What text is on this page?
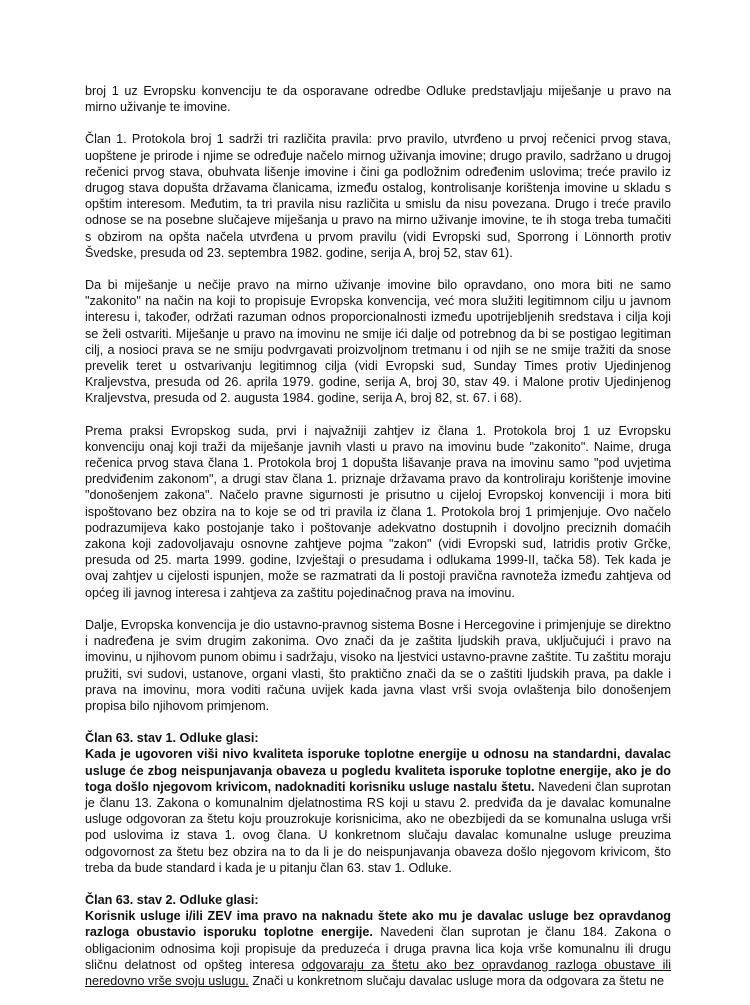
broj 1 uz Evropsku konvenciju te da osporavane odredbe Odluke predstavljaju miješanje u pravo na mirno uživanje te imovine.

Član 1. Protokola broj 1 sadrži tri različita pravila: prvo pravilo, utvrđeno u prvoj rečenici prvog stava, uopštene je prirode i njime se određuje načelo mirnog uživanja imovine; drugo pravilo, sadržano u drugoj rečenici prvog stava, obuhvata lišenje imovine i čini ga podložnim određenim uslovima; treće pravilo iz drugog stava dopušta državama članicama, između ostalog, kontrolisanje korištenja imovine u skladu s opštim interesom. Međutim, ta tri pravila nisu različita u smislu da nisu povezana. Drugo i treće pravilo odnose se na posebne slučajeve miješanja u pravo na mirno uživanje imovine, te ih stoga treba tumačiti s obzirom na opšta načela utvrđena u prvom pravilu (vidi Evropski sud, Sporrong i Lönnorth protiv Švedske, presuda od 23. septembra 1982. godine, serija A, broj 52, stav 61).

Da bi miješanje u nečije pravo na mirno uživanje imovine bilo opravdano, ono mora biti ne samo "zakonito" na način na koji to propisuje Evropska konvencija, već mora služiti legitimnom cilju u javnom interesu i, također, održati razuman odnos proporcionalnosti između upotrijebljenih sredstava i cilja koji se želi ostvariti. Miješanje u pravo na imovinu ne smije ići dalje od potrebnog da bi se postigao legitiman cilj, a nosioci prava se ne smiju podvrgavati proizvoljnom tretmanu i od njih se ne smije tražiti da snose prevelik teret u ostvarivanju legitimnog cilja (vidi Evropski sud, Sunday Times protiv Ujedinjenog Kraljevstva, presuda od 26. aprila 1979. godine, serija A, broj 30, stav 49. i Malone protiv Ujedinjenog Kraljevstva, presuda od 2. augusta 1984. godine, serija A, broj 82, st. 67. i 68).

Prema praksi Evropskog suda, prvi i najvažniji zahtjev iz člana 1. Protokola broj 1 uz Evropsku konvenciju onaj koji traži da miješanje javnih vlasti u pravo na imovinu bude "zakonito". Naime, druga rečenica prvog stava člana 1. Protokola broj 1 dopušta lišavanje prava na imovinu samo "pod uvjetima predviđenim zakonom", a drugi stav člana 1. priznaje državama pravo da kontroliraju korištenje imovine "donošenjem zakona". Načelo pravne sigurnosti je prisutno u cijeloj Evropskoj konvenciji i mora biti ispoštovano bez obzira na to koje se od tri pravila iz člana 1. Protokola broj 1 primjenjuje. Ovo načelo podrazumijeva kako postojanje tako i poštovanje adekvatno dostupnih i dovoljno preciznih domaćih zakona koji zadovoljavaju osnovne zahtjeve pojma "zakon" (vidi Evropski sud, Iatridis protiv Grčke, presuda od 25. marta 1999. godine, Izvještaji o presudama i odlukama 1999-II, tačka 58). Tek kada je ovaj zahtjev u cijelosti ispunjen, može se razmatrati da li postoji pravična ravnoteža između zahtjeva od općeg ili javnog interesa i zahtjeva za zaštitu pojedinačnog prava na imovinu.

Dalje, Evropska konvencija je dio ustavno-pravnog sistema Bosne i Hercegovine i primjenjuje se direktno i nadređena je svim drugim zakonima. Ovo znači da je zaštita ljudskih prava, uključujući i pravo na imovinu, u njihovom punom obimu i sadržaju, visoko na ljestvici ustavno-pravne zaštite. Tu zaštitu moraju pružiti, svi sudovi, ustanove, organi vlasti, što praktično znači da se o zaštiti ljudskih prava, pa dakle i prava na imovinu, mora voditi računa uvijek kada javna vlast vrši svoja ovlaštenja bilo donošenjem propisa bilo njihovom primjenom.

Član 63. stav 1. Odluke glasi:
Kada je ugovoren viši nivo kvaliteta isporuke toplotne energije u odnosu na standardni, davalac usluge će zbog neispunjavanja obaveza u pogledu kvaliteta isporuke toplotne energije, ako je do toga došlo njegovom krivicom, nadoknaditi korisniku usluge nastalu štetu. Navedeni član suprotan je članu 13. Zakona o komunalnim djelatnostima RS koji u stavu 2. predviđa da je davalac komunalne usluge odgovoran za štetu koju prouzrokuje korisnicima, ako ne obezbijedi da se komunalna usluga vrši pod uslovima iz stava 1. ovog člana. U konkretnom slučaju davalac komunalne usluge preuzima odgovornost za štetu bez obzira na to da li je do neispunjavanja obaveza došlo njegovom krivicom, što treba da bude standard i kada je u pitanju član 63. stav 1. Odluke.

Član 63. stav 2. Odluke glasi:
Korisnik usluge i/ili ZEV ima pravo na naknadu štete ako mu je davalac usluge bez opravdanog razloga obustavio isporuku toplotne energije. Navedeni član suprotan je članu 184. Zakona o obligacionim odnosima koji propisuje da preduzeća i druga pravna lica koja vrše komunalnu ili drugu sličnu delatnost od opšteg interesa odgovaraju za štetu ako bez opravdanog razloga obustave ili neredovno vrše svoju uslugu. Znači u konkretnom slučaju davalac usluge mora da odgovara za štetu ne
